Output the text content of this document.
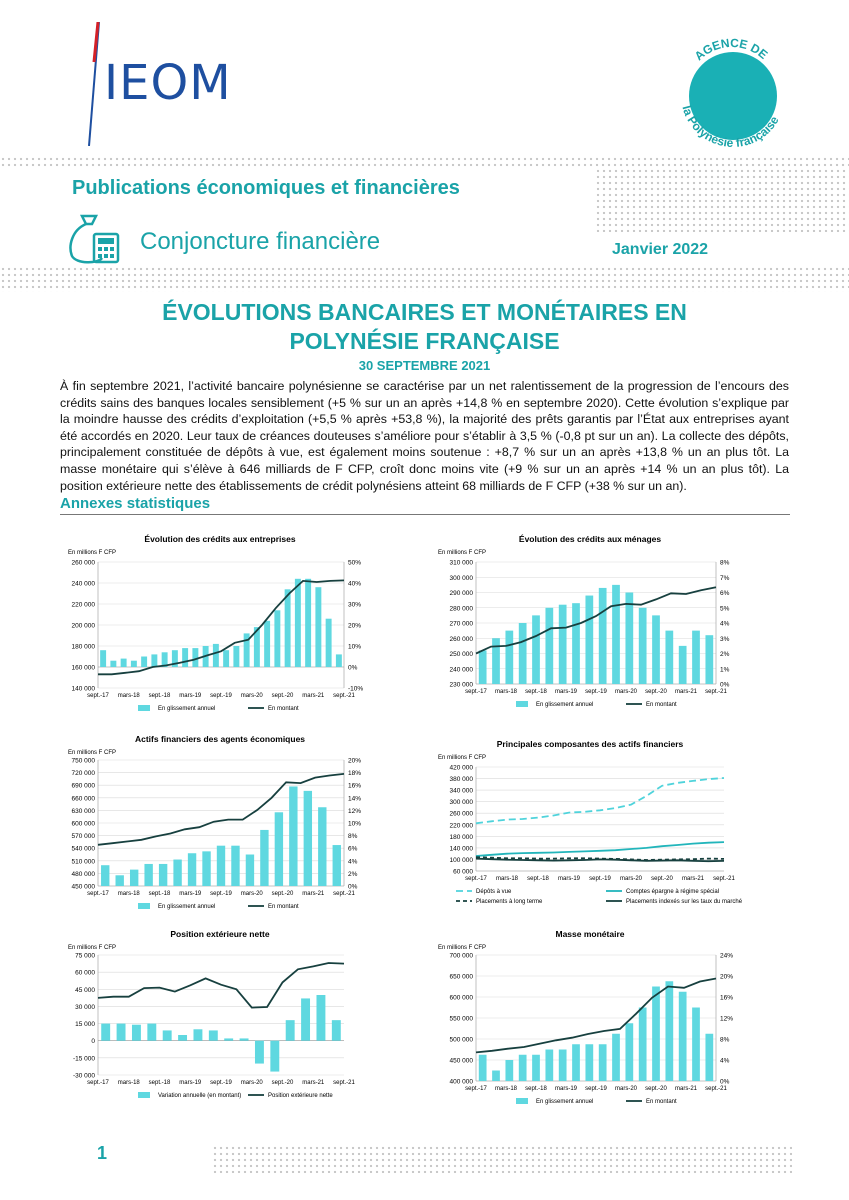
IEOM	AGENCE DE
la Polynésie française
Publications économiques et financières
Conjoncture financière	Janvier 2022
ÉVOLUTIONS BANCAIRES ET MONÉTAIRES EN
POLYNÉSIE FRANÇAISE
30 SEPTEMBRE 2021
À fin septembre 2021, l’activité bancaire polynésienne se caractérise par un net ralentissement de la progression de l’encours des crédits sains des banques locales sensiblement (+5 % sur un an après +14,8 % en septembre 2020). Cette évolution s’explique par la moindre hausse des crédits d’exploitation (+5,5 % après +53,8 %), la majorité des prêts garantis par l’État aux entreprises ayant été accordés en 2020. Leur taux de créances douteuses s’améliore pour s’établir à 3,5 % (-0,8 pt sur un an). La collecte des dépôts, principalement constituée de dépôts à vue, est également moins soutenue : +8,7 % sur un an après +13,8 % un an plus tôt. La masse monétaire qui s’élève à 646 milliards de F CFP, croît donc moins vite (+9 % sur un an après +14 % un an plus tôt). La position extérieure nette des établissements de crédit polynésiens atteint 68 milliards de F CFP (+38 % sur un an).
Annexes statistiques
Évolution des crédits aux entreprises
En millions F CFP
140 000
160 000
180 000
200 000
220 000
240 000
260 000
-10%
0%
10%
20%
30%
40%
50%
sept.-17 mars-18 sept.-18 mars-19 sept.-19 mars-20 sept.-20 mars-21 sept.-21
En glissement annuel	En montant
Évolution des crédits aux ménages
En millions F CFP
230 000
240 000
250 000
260 000
270 000
280 000
290 000
300 000
310 000
0%
1%
2%
3%
4%
5%
6%
7%
8%
sept.-17 mars-18 sept.-18 mars-19 sept.-19 mars-20 sept.-20 mars-21 sept.-21
En glissement annuel	En montant
Actifs financiers des agents économiques
En millions F CFP
450 000
480 000
510 000
540 000
570 000
600 000
630 000
660 000
690 000
720 000
750 000
0%
2%
4%
6%
8%
10%
12%
14%
16%
18%
20%
sept.-17 mars-18 sept.-18 mars-19 sept.-19 mars-20 sept.-20 mars-21 sept.-21
En glissement annuel	En montant
Principales composantes des actifs financiers
En millions F CFP
60 000
100 000
140 000
180 000
220 000
260 000
300 000
340 000
380 000
420 000
sept.-17 mars-18 sept.-18 mars-19 sept.-19 mars-20 sept.-20 mars-21 sept.-21
Dépôts à vue	Comptes épargne à régime spécial
Placements à long terme	Placements indexés sur les taux du marché
Position extérieure nette
En millions F CFP
-30 000
-15 000
0
15 000
30 000
45 000
60 000
75 000
sept.-17 mars-18 sept.-18 mars-19 sept.-19 mars-20 sept.-20 mars-21 sept.-21
Variation annuelle (en montant)	Position extérieure nette
Masse monétaire
En millions F CFP
400 000
450 000
500 000
550 000
600 000
650 000
700 000
0%
4%
8%
12%
16%
20%
24%
sept.-17 mars-18 sept.-18 mars-19 sept.-19 mars-20 sept.-20 mars-21 sept.-21
En glissement annuel	En montant
1
